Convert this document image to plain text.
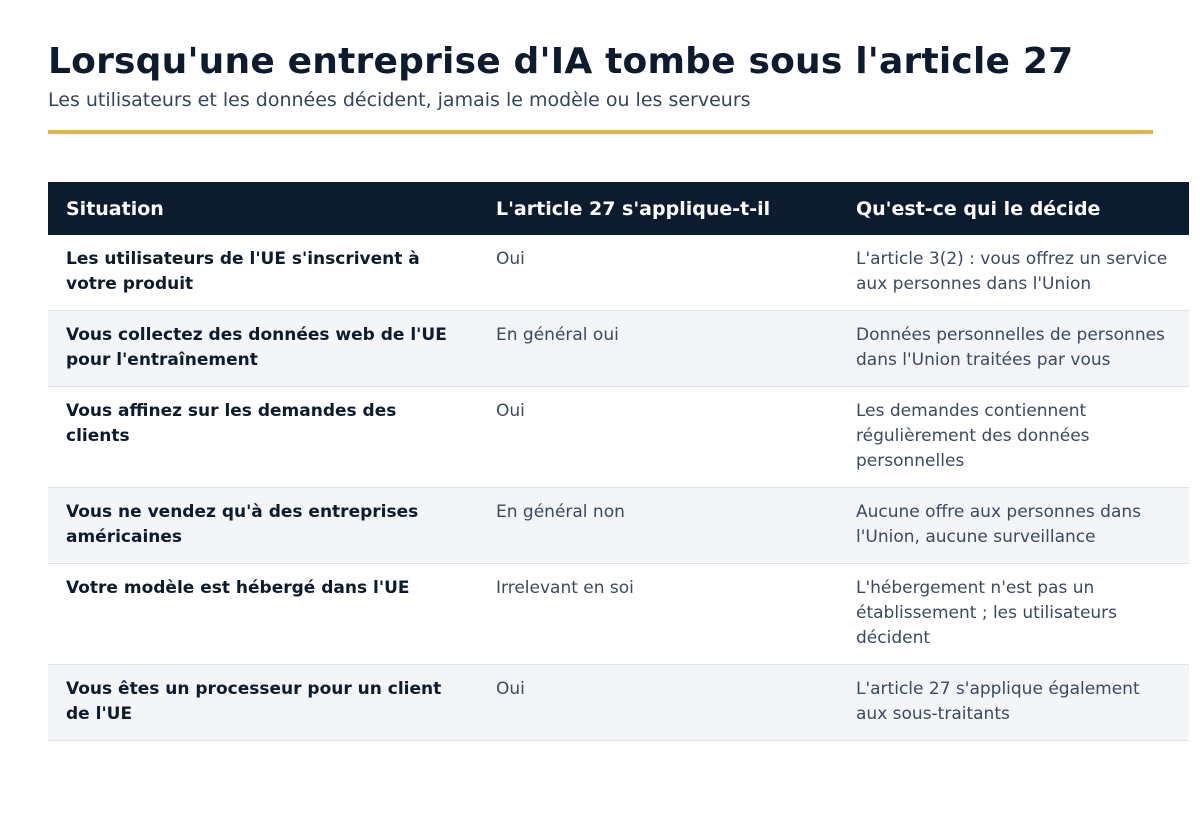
Lorsqu'une entreprise d'IA tombe sous l'article 27

Les utilisateurs et les données décident, jamais le modèle ou les serveurs

Situation	L'article 27 s'applique-t-il	Qu'est-ce qui le décide
Les utilisateurs de l'UE s'inscrivent à votre produit	Oui	L'article 3(2) : vous offrez un service aux personnes dans l'Union
Vous collectez des données web de l'UE pour l'entraînement	En général oui	Données personnelles de personnes dans l'Union traitées par vous
Vous affinez sur les demandes des clients	Oui	Les demandes contiennent régulièrement des données personnelles
Vous ne vendez qu'à des entreprises américaines	En général non	Aucune offre aux personnes dans l'Union, aucune surveillance
Votre modèle est hébergé dans l'UE	Irrelevant en soi	L'hébergement n'est pas un établissement ; les utilisateurs décident
Vous êtes un processeur pour un client de l'UE	Oui	L'article 27 s'applique également aux sous-traitants
